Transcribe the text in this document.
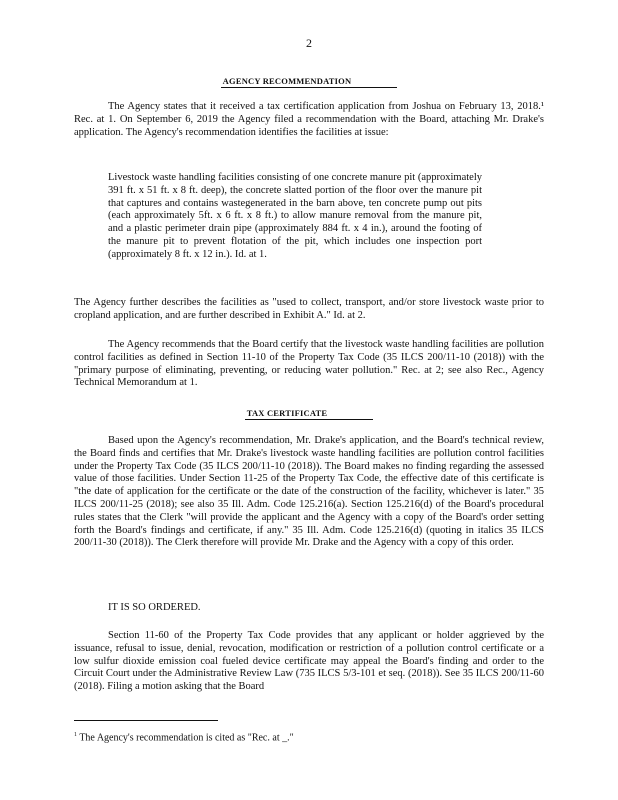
2
AGENCY RECOMMENDATION

The Agency states that it received a tax certification application from Joshua on February 13, 2018.¹ Rec. at 1. On September 6, 2019 the Agency filed a recommendation with the Board, attaching Mr. Drake's application. The Agency's recommendation identifies the facilities at issue:

Livestock waste handling facilities consisting of one concrete manure pit (approximately 391 ft. x 51 ft. x 8 ft. deep), the concrete slatted portion of the floor over the manure pit that captures and contains wastegenerated in the barn above, ten concrete pump out pits (each approximately 5ft. x 6 ft. x 8 ft.) to allow manure removal from the manure pit, and a plastic perimeter drain pipe (approximately 884 ft. x 4 in.), around the footing of the manure pit to prevent flotation of the pit, which includes one inspection port (approximately 8 ft. x 12 in.). Id. at 1.

The Agency further describes the facilities as "used to collect, transport, and/or store livestock waste prior to cropland application, and are further described in Exhibit A." Id. at 2.

The Agency recommends that the Board certify that the livestock waste handling facilities are pollution control facilities as defined in Section 11-10 of the Property Tax Code (35 ILCS 200/11-10 (2018)) with the "primary purpose of eliminating, preventing, or reducing water pollution." Rec. at 2; see also Rec., Agency Technical Memorandum at 1.

TAX CERTIFICATE

Based upon the Agency's recommendation, Mr. Drake's application, and the Board's technical review, the Board finds and certifies that Mr. Drake's livestock waste handling facilities are pollution control facilities under the Property Tax Code (35 ILCS 200/11-10 (2018)). The Board makes no finding regarding the assessed value of those facilities. Under Section 11-25 of the Property Tax Code, the effective date of this certificate is "the date of application for the certificate or the date of the construction of the facility, whichever is later." 35 ILCS 200/11-25 (2018); see also 35 Ill. Adm. Code 125.216(a). Section 125.216(d) of the Board's procedural rules states that the Clerk "will provide the applicant and the Agency with a copy of the Board's order setting forth the Board's findings and certificate, if any." 35 Ill. Adm. Code 125.216(d) (quoting in italics 35 ILCS 200/11-30 (2018)). The Clerk therefore will provide Mr. Drake and the Agency with a copy of this order.

IT IS SO ORDERED.

Section 11-60 of the Property Tax Code provides that any applicant or holder aggrieved by the issuance, refusal to issue, denial, revocation, modification or restriction of a pollution control certificate or a low sulfur dioxide emission coal fueled device certificate may appeal the Board's finding and order to the Circuit Court under the Administrative Review Law (735 ILCS 5/3-101 et seq. (2018)). See 35 ILCS 200/11-60 (2018). Filing a motion asking that the Board

$^1$ The Agency's recommendation is cited as "Rec. at _."
